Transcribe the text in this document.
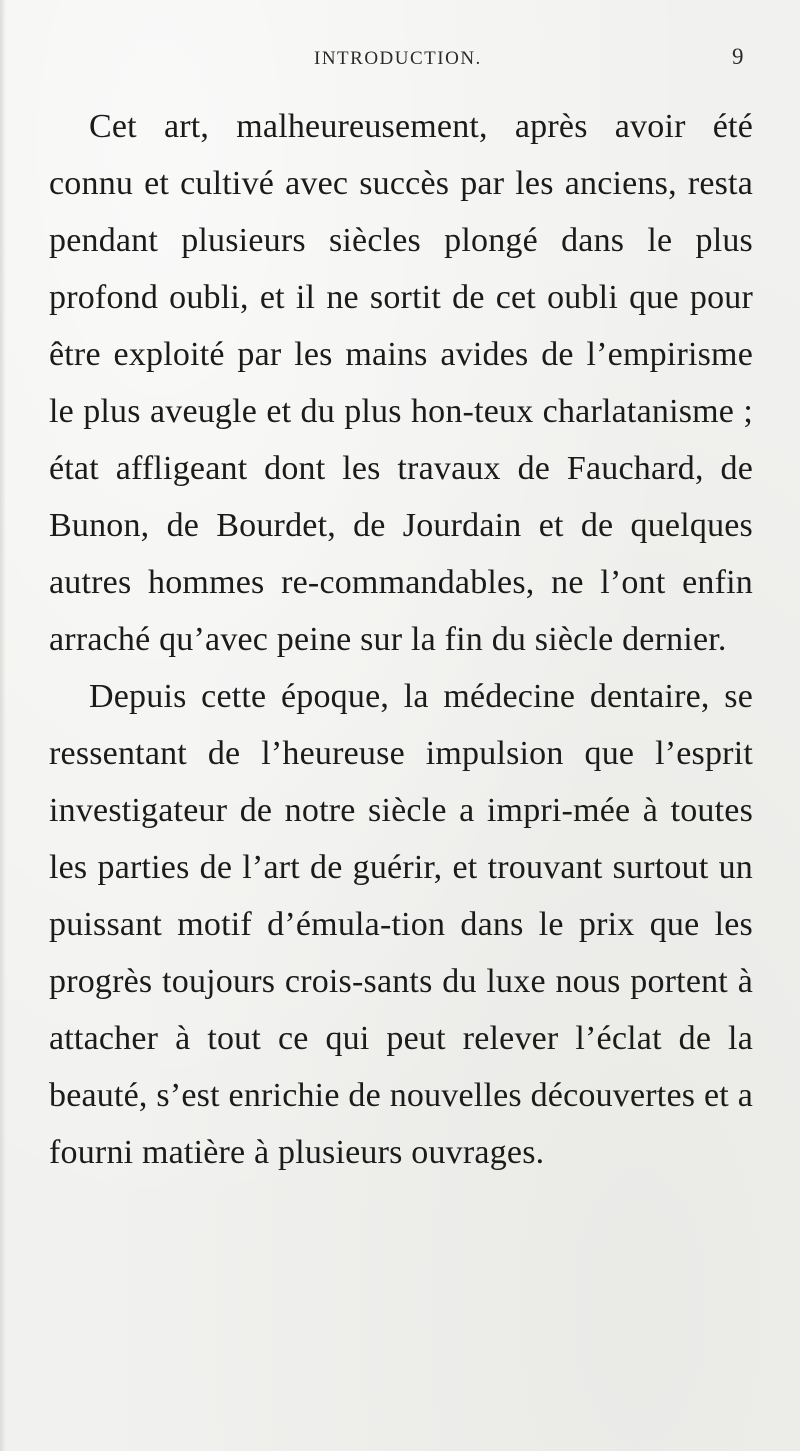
INTRODUCTION.	9

Cet art, malheureusement, après avoir été connu et cultivé avec succès par les anciens, resta pendant plusieurs siècles plongé dans le plus profond oubli, et il ne sortit de cet oubli que pour être exploité par les mains avides de l’empirisme le plus aveugle et du plus hon-teux charlatanisme ; état affligeant dont les travaux de Fauchard, de Bunon, de Bourdet, de Jourdain et de quelques autres hommes re-commandables, ne l’ont enfin arraché qu’avec peine sur la fin du siècle dernier.

Depuis cette époque, la médecine dentaire, se ressentant de l’heureuse impulsion que l’esprit investigateur de notre siècle a impri-mée à toutes les parties de l’art de guérir, et trouvant surtout un puissant motif d’émula-tion dans le prix que les progrès toujours crois-sants du luxe nous portent à attacher à tout ce qui peut relever l’éclat de la beauté, s’est enrichie de nouvelles découvertes et a fourni matière à plusieurs ouvrages.
